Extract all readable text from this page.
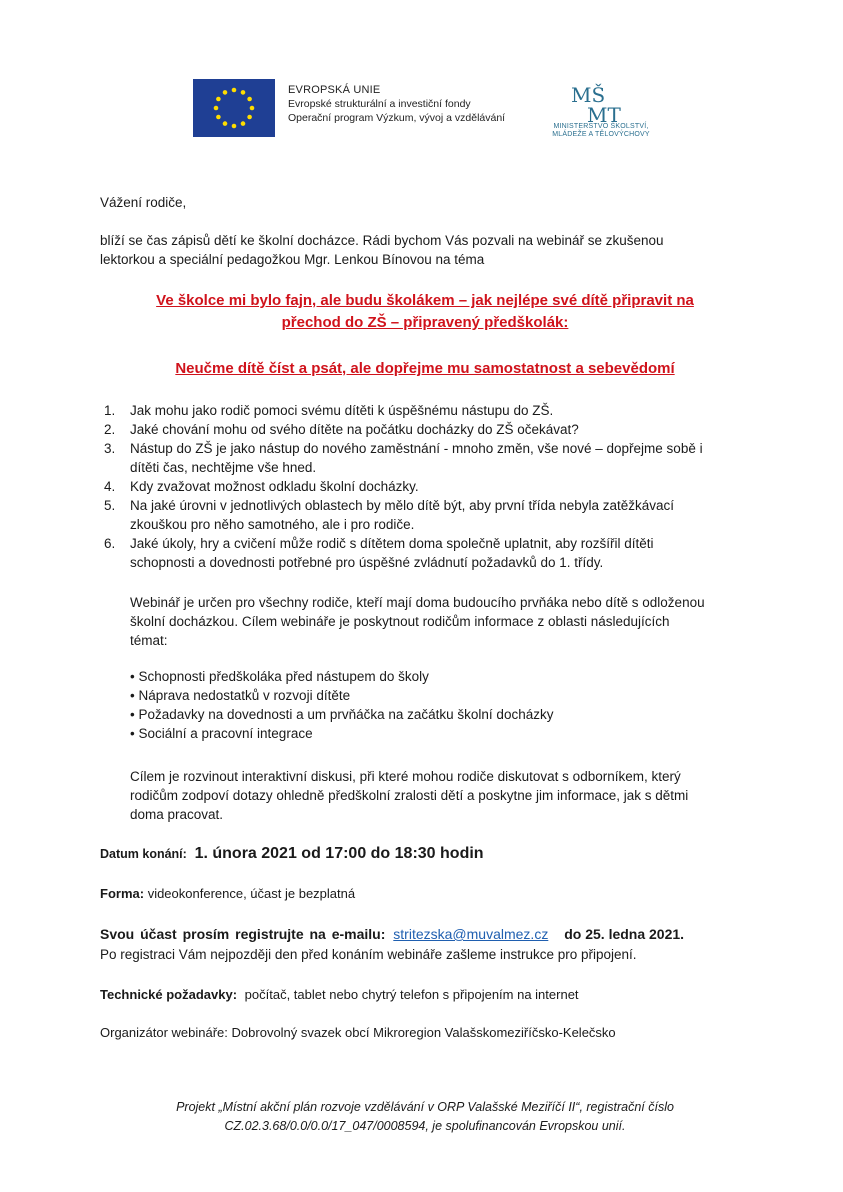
EVROPSKÁ UNIE
Evropské strukturální a investiční fondy
Operační program Výzkum, vývoj a vzdělávání
MŠ
MT
MINISTERSTVO ŠKOLSTVÍ,
MLÁDEŽE A TĚLOVÝCHOVY
Vážení rodiče,
blíží se čas zápisů dětí ke školní docházce. Rádi bychom Vás pozvali na webinář se zkušenou
lektorkou a speciální pedagožkou Mgr. Lenkou Bínovou na téma
Ve školce mi bylo fajn, ale budu školákem – jak nejlépe své dítě připravit na
přechod do ZŠ – připravený předškolák:
Neučme dítě číst a psát, ale dopřejme mu samostatnost a sebevědomí
1. Jak mohu jako rodič pomoci svému dítěti k úspěšnému nástupu do ZŠ.
2. Jaké chování mohu od svého dítěte na počátku docházky do ZŠ očekávat?
3. Nástup do ZŠ je jako nástup do nového zaměstnání - mnoho změn, vše nové – dopřejme sobě i
dítěti čas, nechtějme vše hned.
4. Kdy zvažovat možnost odkladu školní docházky.
5. Na jaké úrovni v jednotlivých oblastech by mělo dítě být, aby první třída nebyla zatěžkávací
zkouškou pro něho samotného, ale i pro rodiče.
6. Jaké úkoly, hry a cvičení může rodič s dítětem doma společně uplatnit, aby rozšířil dítěti
schopnosti a dovednosti potřebné pro úspěšné zvládnutí požadavků do 1. třídy.
Webinář je určen pro všechny rodiče, kteří mají doma budoucího prvňáka nebo dítě s odloženou
školní docházkou. Cílem webináře je poskytnout rodičům informace z oblasti následujících
témat:
• Schopnosti předškoláka před nástupem do školy
• Náprava nedostatků v rozvoji dítěte
• Požadavky na dovednosti a um prvňáčka na začátku školní docházky
• Sociální a pracovní integrace
Cílem je rozvinout interaktivní diskusi, při které mohou rodiče diskutovat s odborníkem, který
rodičům zodpoví dotazy ohledně předškolní zralosti dětí a poskytne jim informace, jak s dětmi
doma pracovat.
Datum konání: 1. února 2021 od 17:00 do 18:30 hodin
Forma: videokonference, účast je bezplatná
Svou účast prosím registrujte na e-mailu: stritezska@muvalmez.cz do 25. ledna 2021.
Po registraci Vám nejpozději den před konáním webináře zašleme instrukce pro připojení.
Technické požadavky: počítač, tablet nebo chytrý telefon s připojením na internet
Organizátor webináře: Dobrovolný svazek obcí Mikroregion Valašskomeziříčsko-Kelečsko
Projekt „Místní akční plán rozvoje vzdělávání v ORP Valašské Meziříčí II“, registrační číslo
CZ.02.3.68/0.0/0.0/17_047/0008594, je spolufinancován Evropskou unií.
